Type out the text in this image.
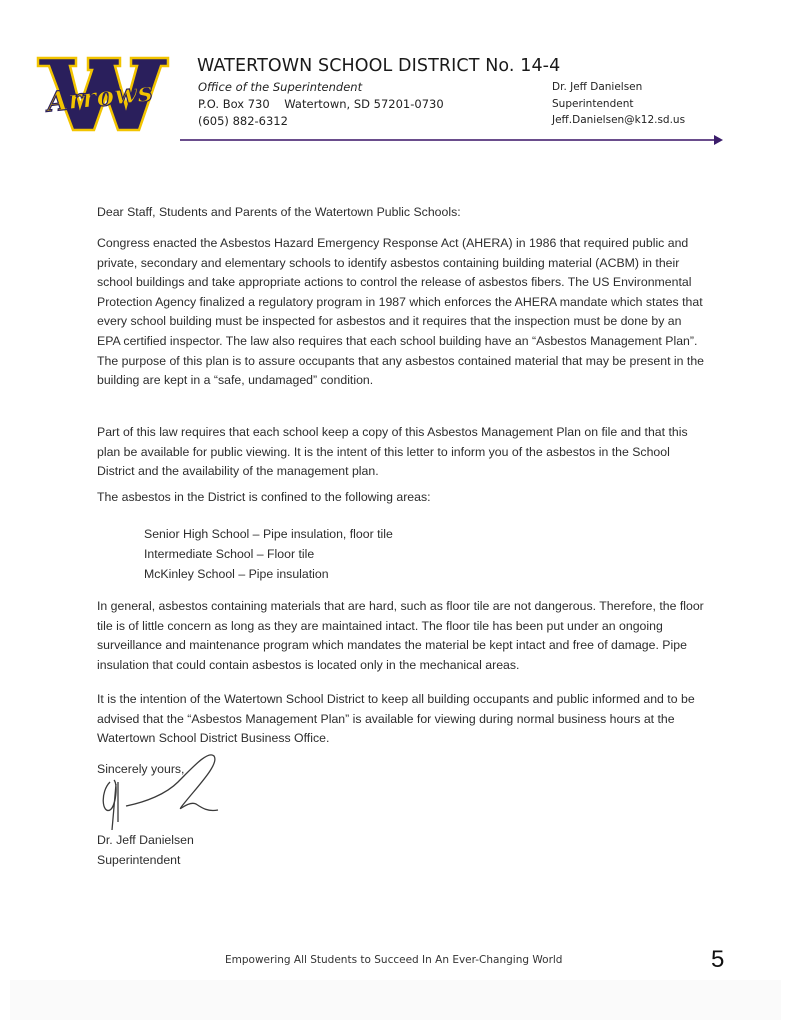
Arrows
WATERTOWN SCHOOL DISTRICT No. 14-4
Office of the Superintendent
P.O. Box 730    Watertown, SD 57201-0730
(605) 882-6312
Dr. Jeff Danielsen
Superintendent
Jeff.Danielsen@k12.sd.us

Dear Staff, Students and Parents of the Watertown Public Schools:

Congress enacted the Asbestos Hazard Emergency Response Act (AHERA) in 1986 that required public and private, secondary and elementary schools to identify asbestos containing building material (ACBM) in their school buildings and take appropriate actions to control the release of asbestos fibers. The US Environmental Protection Agency finalized a regulatory program in 1987 which enforces the AHERA mandate which states that every school building must be inspected for asbestos and it requires that the inspection must be done by an EPA certified inspector. The law also requires that each school building have an “Asbestos Management Plan”. The purpose of this plan is to assure occupants that any asbestos contained material that may be present in the building are kept in a “safe, undamaged” condition.

Part of this law requires that each school keep a copy of this Asbestos Management Plan on file and that this plan be available for public viewing. It is the intent of this letter to inform you of the asbestos in the School District and the availability of the management plan.

The asbestos in the District is confined to the following areas:

Senior High School – Pipe insulation, floor tile
Intermediate School – Floor tile
McKinley School – Pipe insulation

In general, asbestos containing materials that are hard, such as floor tile are not dangerous. Therefore, the floor tile is of little concern as long as they are maintained intact. The floor tile has been put under an ongoing surveillance and maintenance program which mandates the material be kept intact and free of damage. Pipe insulation that could contain asbestos is located only in the mechanical areas.

It is the intention of the Watertown School District to keep all building occupants and public informed and to be advised that the “Asbestos Management Plan” is available for viewing during normal business hours at the Watertown School District Business Office.

Sincerely yours,
Dr. Jeff Danielsen
Superintendent
Empowering All Students to Succeed In An Ever-Changing World	5
